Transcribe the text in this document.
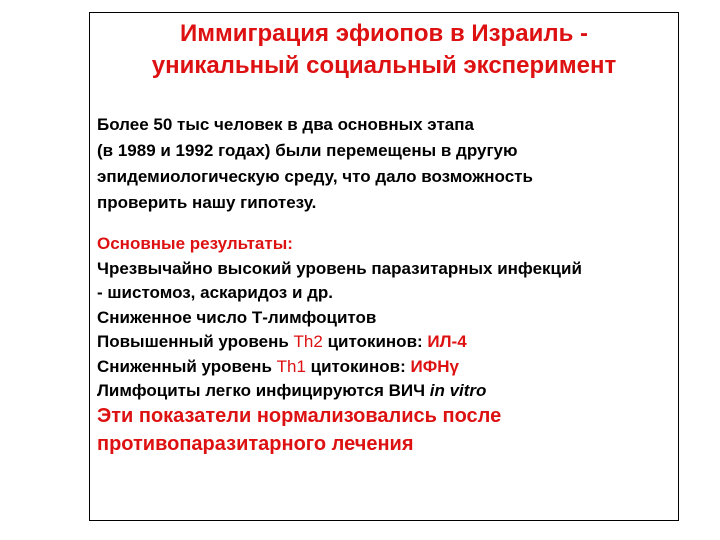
Иммиграция эфиопов в Израиль -
уникальный социальный эксперимент
Более 50 тыс человек в два основных этапа
(в 1989 и 1992 годах) были перемещены в другую
эпидемиологическую среду, что дало возможность
проверить нашу гипотезу.
Основные результаты:
Чрезвычайно высокий уровень паразитарных инфекций
- шистомоз, аскаридоз и др.
Сниженное число Т-лимфоцитов
Повышенный уровень Th2 цитокинов: ИЛ-4
Сниженный уровень Th1 цитокинов: ИФНγ
Лимфоциты легко инфицируются ВИЧ in vitro
Эти показатели нормализовались после
противопаразитарного лечения
